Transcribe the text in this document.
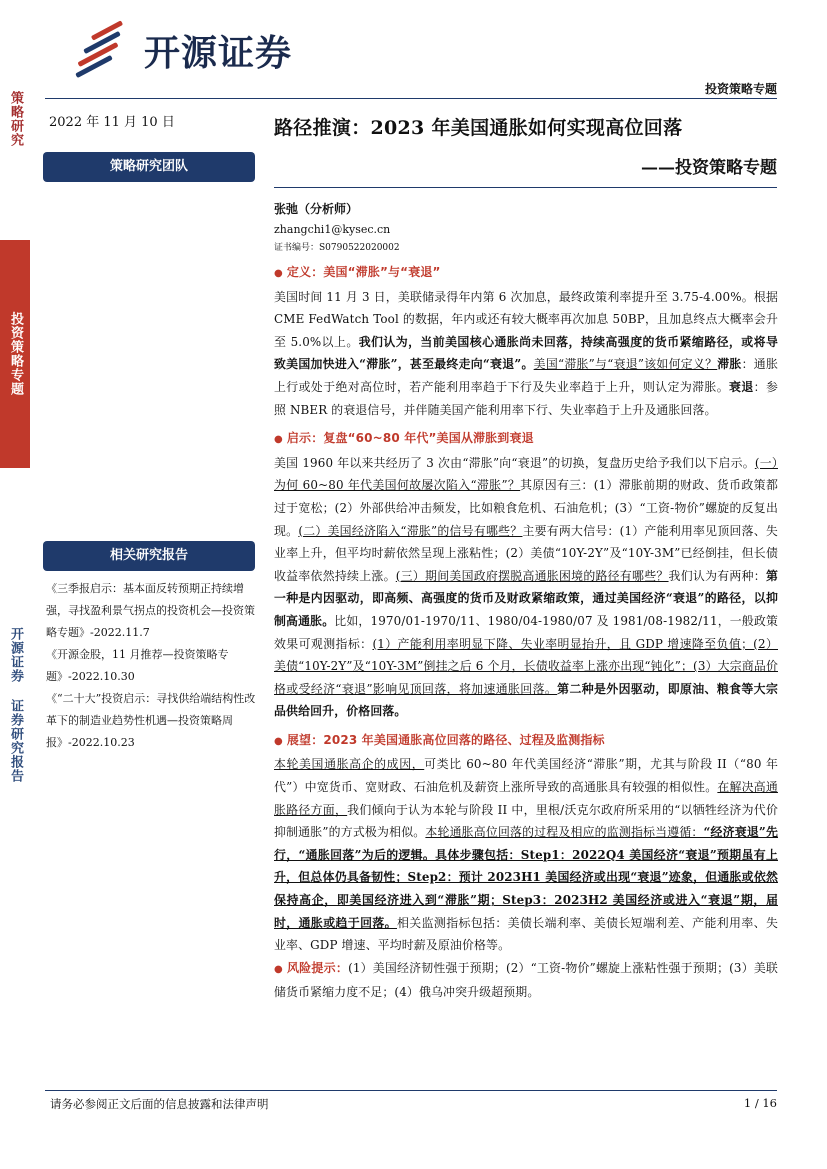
策略研究
投资策略专题
开源证券 证券研究报告
开源证券
投资策略专题
2022 年 11 月 10 日
策略研究团队
相关研究报告
《三季报启示：基本面反转预期正持续增强，寻找盈利景气拐点的投资机会—投资策略专题》-2022.11.7
《开源金股，11 月推荐—投资策略专题》-2022.10.30
《“二十大”投资启示：寻找供给端结构性改革下的制造业趋势性机遇—投资策略周报》-2022.10.23
路径推演：2023 年美国通胀如何实现高位回落
——投资策略专题
张弛（分析师）
zhangchi1@kysec.cn
证书编号：S0790522020002
● 定义：美国“滞胀”与“衰退”
美国时间 11 月 3 日，美联储录得年内第 6 次加息，最终政策利率提升至 3.75-4.00%。根据 CME FedWatch Tool 的数据，年内或还有较大概率再次加息 50BP，且加息终点大概率会升至 5.0%以上。我们认为，当前美国核心通胀尚未回落，持续高强度的货币紧缩路径，或将导致美国加快进入“滞胀”，甚至最终走向“衰退”。美国“滞胀”与“衰退”该如何定义？滞胀：通胀上行或处于绝对高位时，若产能利用率趋于下行及失业率趋于上升，则认定为滞胀。衰退：参照 NBER 的衰退信号，并伴随美国产能利用率下行、失业率趋于上升及通胀回落。
● 启示：复盘“60~80 年代”美国从滞胀到衰退
美国 1960 年以来共经历了 3 次由“滞胀”向“衰退”的切换，复盘历史给予我们以下启示。(一）为何 60~80 年代美国何故屡次陷入“滞胀”？其原因有三：(1）滞胀前期的财政、货币政策都过于宽松；(2）外部供给冲击频发，比如粮食危机、石油危机；(3）“工资-物价”螺旋的反复出现。(二）美国经济陷入“滞胀”的信号有哪些？主要有两大信号：(1）产能利用率见顶回落、失业率上升，但平均时薪依然呈现上涨粘性；(2）美债“10Y-2Y”及“10Y-3M”已经倒挂，但长债收益率依然持续上涨。(三）期间美国政府摆脱高通胀困境的路径有哪些？我们认为有两种：第一种是内因驱动，即高频、高强度的货币及财政紧缩政策，通过美国经济“衰退”的路径，以抑制高通胀。比如，1970/01-1970/11、1980/04-1980/07 及 1981/08-1982/11，一般政策效果可观测指标：(1）产能利用率明显下降、失业率明显抬升，且 GDP 增速降至负值；(2）美债“10Y-2Y”及“10Y-3M”倒挂之后 6 个月，长债收益率上涨亦出现“钝化”；(3）大宗商品价格或受经济“衰退”影响见顶回落，将加速通胀回落。第二种是外因驱动，即原油、粮食等大宗品供给回升，价格回落。
● 展望：2023 年美国通胀高位回落的路径、过程及监测指标
本轮美国通胀高企的成因，可类比 60~80 年代美国经济“滞胀”期，尤其与阶段 II（“80 年代”）中宽货币、宽财政、石油危机及薪资上涨所导致的高通胀具有较强的相似性。在解决高通胀路径方面，我们倾向于认为本轮与阶段 II 中，里根/沃克尔政府所采用的“以牺牲经济为代价抑制通胀”的方式极为相似。本轮通胀高位回落的过程及相应的监测指标当遵循：“经济衰退”先行，“通胀回落”为后的逻辑。具体步骤包括：Step1：2022Q4 美国经济“衰退”预期虽有上升，但总体仍具备韧性；Step2：预计 2023H1 美国经济或出现“衰退”迹象，但通胀或依然保持高企，即美国经济进入到“滞胀”期；Step3：2023H2 美国经济或进入“衰退”期，届时，通胀或趋于回落。相关监测指标包括：美债长端利率、美债长短端利差、产能利用率、失业率、GDP 增速、平均时薪及原油价格等。
● 风险提示：(1）美国经济韧性强于预期；(2）“工资-物价”螺旋上涨粘性强于预期；(3）美联储货币紧缩力度不足；(4）俄乌冲突升级超预期。
请务必参阅正文后面的信息披露和法律声明	1 / 16
